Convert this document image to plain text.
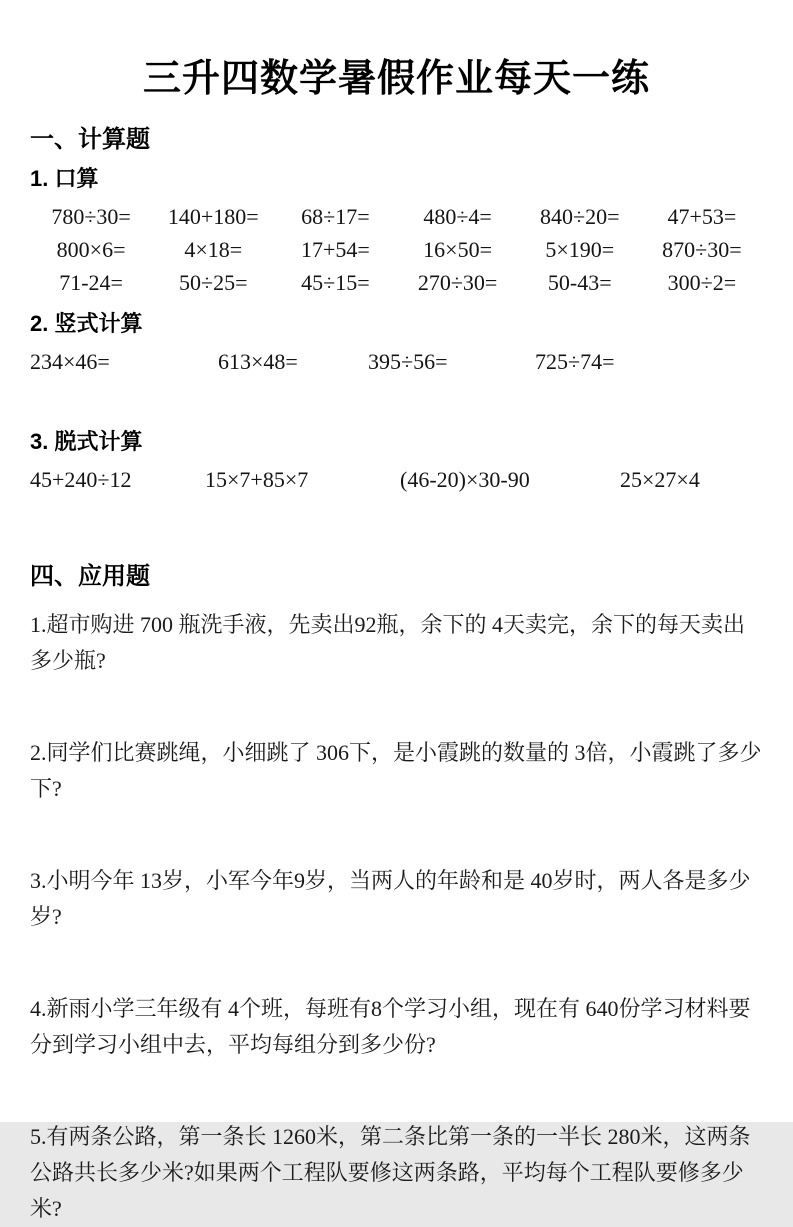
三升四数学暑假作业每天一练
一、计算题
1. 口算
780÷30=	140+180=	68÷17=	480÷4=	840÷20=	47+53=
800×6=	4×18=	17+54=	16×50=	5×190=	870÷30=
71-24=	50÷25=	45÷15=	270÷30=	50-43=	300÷2=
2. 竖式计算
234×46=	613×48=	395÷56=	725÷74=
3. 脱式计算
45+240÷12	15×7+85×7	(46-20)×30-90	25×27×4
四、应用题
1.超市购进 700 瓶洗手液，先卖出92瓶，余下的 4天卖完，余下的每天卖出多少瓶?
2.同学们比赛跳绳，小细跳了 306下，是小霞跳的数量的 3倍，小霞跳了多少下?
3.小明今年 13岁，小军今年9岁，当两人的年龄和是 40岁时，两人各是多少岁?
4.新雨小学三年级有 4个班，每班有8个学习小组，现在有 640份学习材料要分到学习小组中去，平均每组分到多少份?
5.有两条公路，第一条长 1260米，第二条比第一条的一半长 280米，这两条公路共长多少米?如果两个工程队要修这两条路，平均每个工程队要修多少米?
